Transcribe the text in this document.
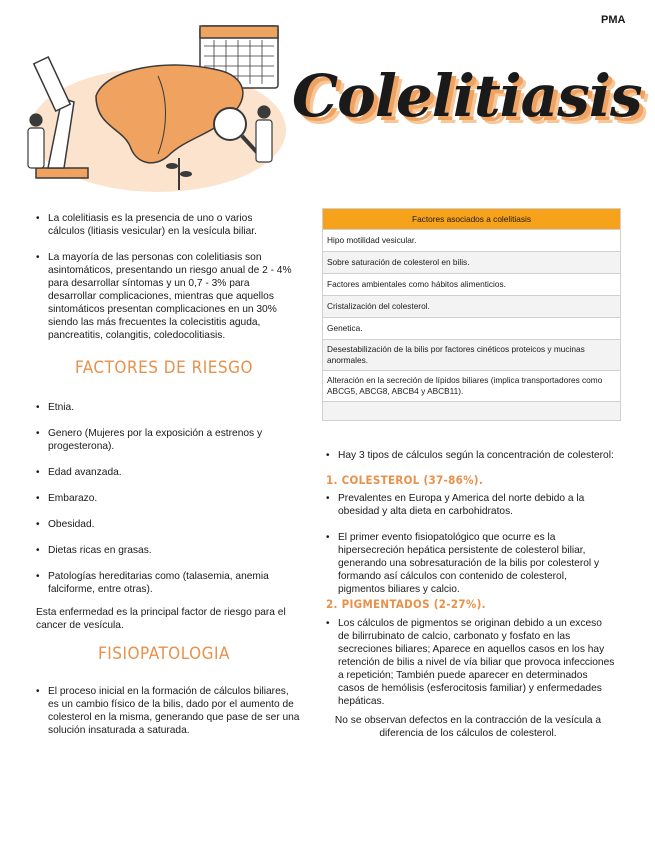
PMA
Colelitiasis
• La colelitiasis es la presencia de uno o varios cálculos (litiasis vesicular) en la vesícula biliar.
• La mayoría de las personas con colelitiasis son asintomáticos, presentando un riesgo anual de 2 - 4% para desarrollar síntomas y un 0,7 - 3% para desarrollar complicaciones, mientras que aquellos sintomáticos presentan complicaciones en un 30% siendo las más frecuentes la colecistitis aguda, pancreatitis, colangitis, coledocolitiasis.
FACTORES DE RIESGO
• Etnia.
• Genero (Mujeres por la exposición a estrenos y progesterona).
• Edad avanzada.
• Embarazo.
• Obesidad.
• Dietas ricas en grasas.
• Patologías hereditarias como (talasemia, anemia falciforme, entre otras).
Esta enfermedad es la principal factor de riesgo para el cancer de vesícula.
FISIOPATOLOGIA
• El proceso inicial en la formación de cálculos biliares, es un cambio físico de la bilis, dado por el aumento de colesterol en la misma, generando que pase de ser una solución insaturada a saturada.
Factores asociados a colelitiasis
Hipo motilidad vesicular.
Sobre saturación de colesterol en bilis.
Factores ambientales como hábitos alimenticios.
Cristalización del colesterol.
Genetica.
Desestabilización de la bilis por factores cinéticos proteicos y mucinas anormales.
Alteración en la secreción de lípidos biliares (implica transportadores como ABCG5, ABCG8, ABCB4 y ABCB11).

• Hay 3 tipos de cálculos según la concentración de colesterol:
1. COLESTEROL (37-86%).
• Prevalentes en Europa y America del norte debido a la obesidad y alta dieta en carbohidratos.
• El primer evento fisiopatológico que ocurre es la hipersecreción hepática persistente de colesterol biliar, generando una sobresaturación de la bilis por colesterol y formando así cálculos con contenido de colesterol, pigmentos biliares y calcio.
2. PIGMENTADOS (2-27%).
• Los cálculos de pigmentos se originan debido a un exceso de bilirrubinato de calcio, carbonato y fosfato en las secreciones biliares; Aparece en aquellos casos en los hay retención de bilis a nivel de vía biliar que provoca infecciones a repetición; También puede aparecer en determinados casos de hemólisis (esferocitosis familiar) y enfermedades hepáticas.
No se observan defectos en la contracción de la vesícula a diferencia de los cálculos de colesterol.
